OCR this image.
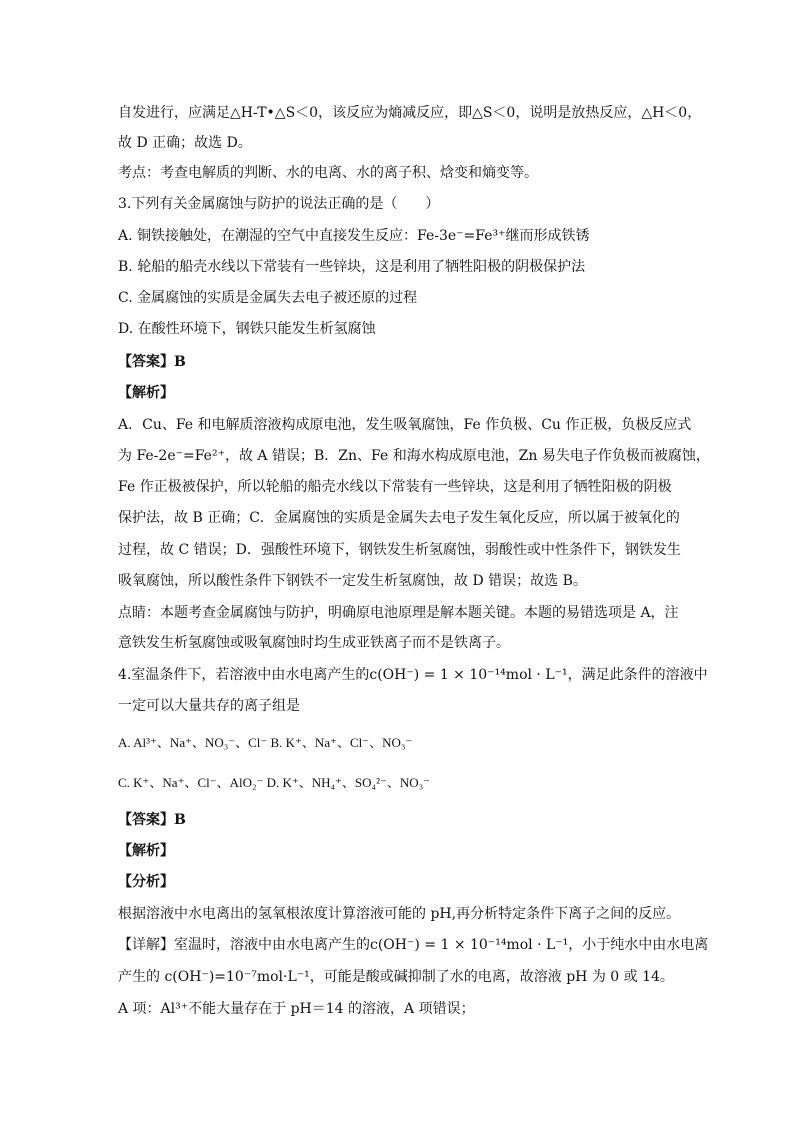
自发进行，应满足△H-T•△S＜0，该反应为熵减反应，即△S＜0，说明是放热反应，△H＜0，
故 D 正确；故选 D。
考点：考查电解质的判断、水的电离、水的离子积、焓变和熵变等。
3.下列有关金属腐蚀与防护的说法正确的是（　　）
A. 铜铁接触处，在潮湿的空气中直接发生反应：Fe-3e⁻=Fe³⁺继而形成铁锈
B. 轮船的船壳水线以下常装有一些锌块，这是利用了牺牲阳极的阴极保护法
C. 金属腐蚀的实质是金属失去电子被还原的过程
D. 在酸性环境下，钢铁只能发生析氢腐蚀
【答案】B
【解析】
A．Cu、Fe 和电解质溶液构成原电池，发生吸氧腐蚀，Fe 作负极、Cu 作正极，负极反应式
为 Fe-2e⁻=Fe²⁺，故 A 错误；B．Zn、Fe 和海水构成原电池，Zn 易失电子作负极而被腐蚀，
Fe 作正极被保护，所以轮船的船壳水线以下常装有一些锌块，这是利用了牺牲阳极的阴极
保护法，故 B 正确；C．金属腐蚀的实质是金属失去电子发生氧化反应，所以属于被氧化的
过程，故 C 错误；D．强酸性环境下，钢铁发生析氢腐蚀，弱酸性或中性条件下，钢铁发生
吸氧腐蚀，所以酸性条件下钢铁不一定发生析氢腐蚀，故 D 错误；故选 B。
点睛：本题考查金属腐蚀与防护，明确原电池原理是解本题关键。本题的易错选项是 A，注
意铁发生析氢腐蚀或吸氧腐蚀时均生成亚铁离子而不是铁离子。
4.室温条件下，若溶液中由水电离产生的c(OH⁻) = 1 × 10⁻¹⁴mol · L⁻¹，满足此条件的溶液中
一定可以大量共存的离子组是
A. Al³⁺、Na⁺、NO₃⁻、Cl⁻ B. K⁺、Na⁺、Cl⁻、NO₃⁻
C. K⁺、Na⁺、Cl⁻、AlO₂⁻ D. K⁺、NH₄⁺、SO₄²⁻、NO₃⁻
【答案】B
【解析】
【分析】
根据溶液中水电离出的氢氧根浓度计算溶液可能的 pH,再分析特定条件下离子之间的反应。
【详解】室温时，溶液中由水电离产生的c(OH⁻) = 1 × 10⁻¹⁴mol · L⁻¹，小于纯水中由水电离
产生的 c(OH⁻)=10⁻⁷mol·L⁻¹，可能是酸或碱抑制了水的电离，故溶液 pH 为 0 或 14。
A 项：Al³⁺不能大量存在于 pH＝14 的溶液，A 项错误；
